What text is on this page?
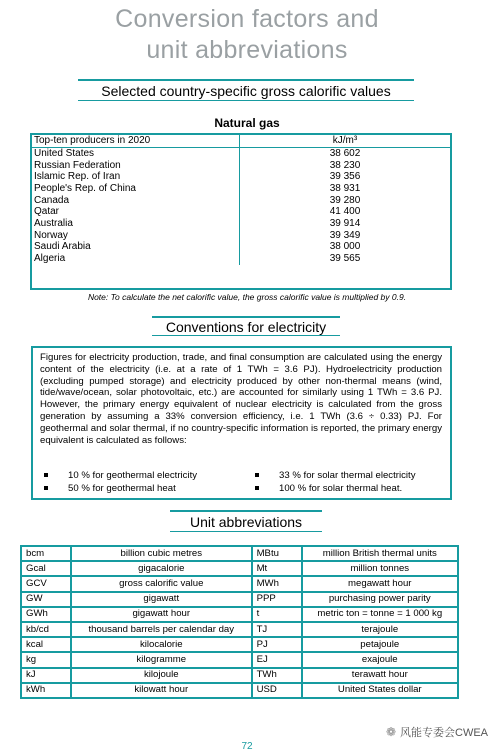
Conversion factors and
unit abbreviations
Selected country-specific gross calorific values
Natural gas
Top-ten producers in 2020	kJ/m³
United States	38 602
Russian Federation	38 230
Islamic Rep. of Iran	39 356
People's Rep. of China	38 931
Canada	39 280
Qatar	41 400
Australia	39 914
Norway	39 349
Saudi Arabia	38 000
Algeria	39 565
Note: To calculate the net calorific value, the gross calorific value is multiplied by 0.9.
Conventions for electricity
Figures for electricity production, trade, and final consumption are calculated using the energy content of the electricity (i.e. at a rate of 1 TWh = 3.6 PJ). Hydroelectricity production (excluding pumped storage) and electricity produced by other non-thermal means (wind, tide/wave/ocean, solar photovoltaic, etc.) are accounted for similarly using 1 TWh = 3.6 PJ. However, the primary energy equivalent of nuclear electricity is calculated from the gross generation by assuming a 33% conversion efficiency, i.e. 1 TWh (3.6 ÷ 0.33) PJ. For geothermal and solar thermal, if no country-specific information is reported, the primary energy equivalent is calculated as follows:
10 % for geothermal electricity	33 % for solar thermal electricity
50 % for geothermal heat	100 % for solar thermal heat.
Unit abbreviations
bcm	billion cubic metres	MBtu	million British thermal units
Gcal	gigacalorie	Mt	million tonnes
GCV	gross calorific value	MWh	megawatt hour
GW	gigawatt	PPP	purchasing power parity
GWh	gigawatt hour	t	metric ton = tonne = 1 000 kg
kb/cd	thousand barrels per calendar day	TJ	terajoule
kcal	kilocalorie	PJ	petajoule
kg	kilogramme	EJ	exajoule
kJ	kilojoule	TWh	terawatt hour
kWh	kilowatt hour	USD	United States dollar
❁ 风能专委会CWEA
72
